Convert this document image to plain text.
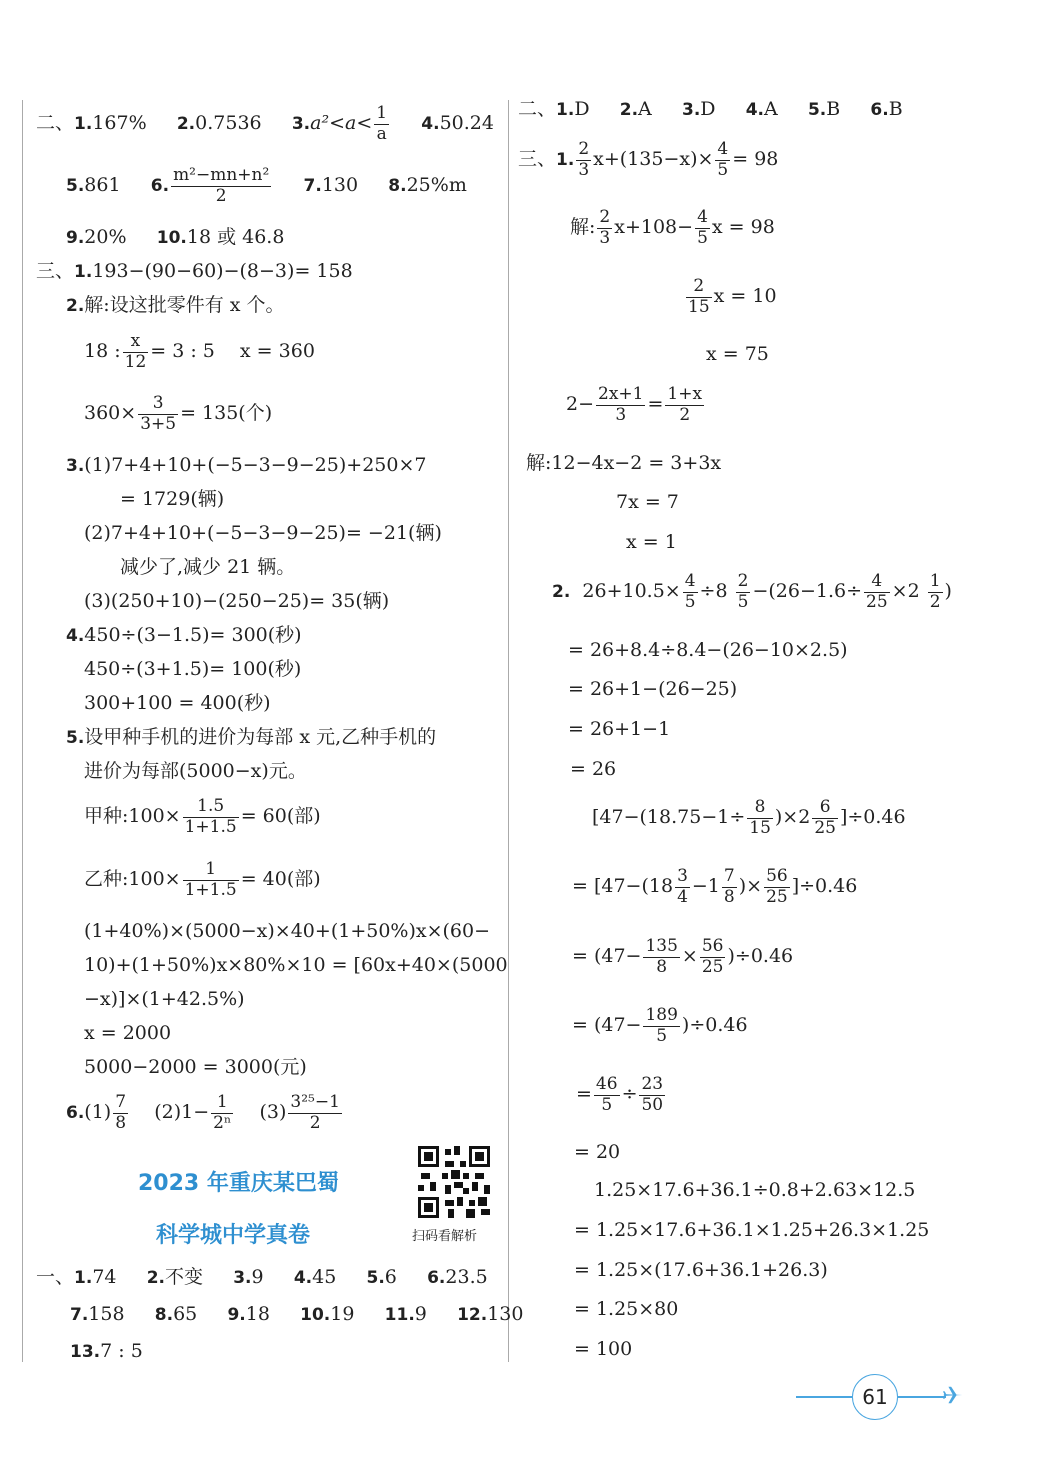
二、1.167% 2.0.7536 $3.a^2<a< \frac{1}{a} 4.50.24$
5.861 6. $\frac{\text{m²−mn+n²}}{2} 7.130$ 8.25%m
9.20% 10.18 或 46.8
三、1.193−(90−60)−(8−3)= 158
2.解:设这批零件有 x 个。
18 : $\frac{x}{12} = 3$ : 5　 x = 360
$360\times \frac{3}{3+5} = 135$(个)
3.(1)7+4+10+(−5−3−9−25)+250×7
= 1729(辆)
(2)7+4+10+(−5−3−9−25)= −21(辆)
减少了,减少 21 辆。
(3)(250+10)−(250−25)= 35(辆)
4.450÷(3−1.5)= 300(秒)
450÷(3+1.5)= 100(秒)
300+100 = 400(秒)
5.设甲种手机的进价为每部 x 元,乙种手机的
进价为每部(5000−x)元。
甲种:100× $\frac{1.5}{1+1.5} = 60$(部)
乙种:100× $\frac{1}{1+1.5} = 40$(部)
(1+40%)×(5000−x)×40+(1+50%)x×(60−
10)+(1+50%)x×80%×10 = [60x+40×(5000
−x)]×(1+42.5%)
x = 2000
5000−2000 = 3000(元)
$6.(1) \frac{7}{8} (2)1- \frac{1}{\text{2ⁿ}} (3) \frac{\text{3²⁵−1}}{2}$
2023 年重庆某巴蜀
科学城中学真卷	扫码看解析
一、1.74 2.不变 3.9 4.45 5.6 6.23.5
7.158 8.65 9.18 10.19 11.9 12.130
13.7 : 5
二、1.D 2.A 3.D 4.A 5.B 6.B
三、1. $\frac{2}{3} x+(135-x)\times \frac{4}{5} = 98$
解: $\frac{2}{3} x+108- \frac{4}{5}$ x = 98
$\frac{2}{15}$ x = 10
x = 75
$2- \frac{2x+1}{3} = \frac{1+x}{2}$
解:12−4x−2 = 3+3x
7x = 7
x = 1
2. $26+10.5\times \frac{4}{5} \div 8 \frac{2}{5} -(26-1.6\div \frac{4}{25} \times 2 \frac{1}{2}$ )
= 26+8.4÷8.4−(26−10×2.5)
= 26+1−(26−25)
= 26+1−1
= 26
$[47-(18.75-1\div \frac{8}{15} )\times 2 \frac{6}{25} ]\div 0.46$
= [$47-(18 \frac{3}{4} -1 \frac{7}{8}$ )× $\frac{56}{25} ]\div 0.46$
= $(47- \frac{135}{8} \times \frac{56}{25} )\div 0.46$
= $(47- \frac{189}{5} )\div 0.46$
= $\frac{46}{5} \div \frac{23}{50}$
= 20
1.25×17.6+36.1÷0.8+2.63×12.5
= 1.25×17.6+36.1×1.25+26.3×1.25
= 1.25×(17.6+36.1+26.3)
= 1.25×80
= 100
61
